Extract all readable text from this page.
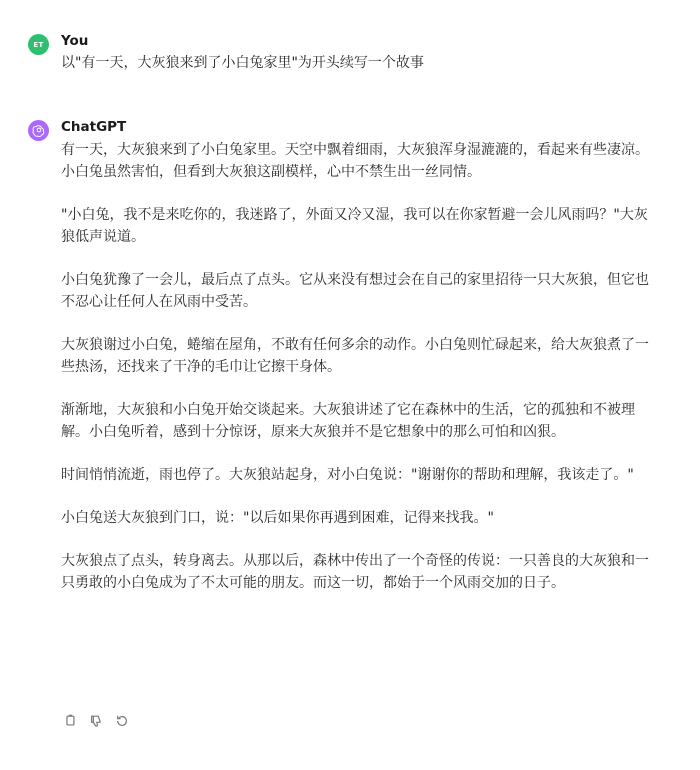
ET You
以"有一天，大灰狼来到了小白兔家里"为开头续写一个故事
ChatGPT

有一天，大灰狼来到了小白兔家里。天空中飘着细雨，大灰狼浑身湿漉漉的，看起来有些凄凉。小白兔虽然害怕，但看到大灰狼这副模样，心中不禁生出一丝同情。

"小白兔，我不是来吃你的，我迷路了，外面又冷又湿，我可以在你家暂避一会儿风雨吗？"大灰狼低声说道。

小白兔犹豫了一会儿，最后点了点头。它从来没有想过会在自己的家里招待一只大灰狼，但它也不忍心让任何人在风雨中受苦。

大灰狼谢过小白兔，蜷缩在屋角，不敢有任何多余的动作。小白兔则忙碌起来，给大灰狼煮了一些热汤，还找来了干净的毛巾让它擦干身体。

渐渐地，大灰狼和小白兔开始交谈起来。大灰狼讲述了它在森林中的生活，它的孤独和不被理解。小白兔听着，感到十分惊讶，原来大灰狼并不是它想象中的那么可怕和凶狠。

时间悄悄流逝，雨也停了。大灰狼站起身，对小白兔说："谢谢你的帮助和理解，我该走了。"

小白兔送大灰狼到门口，说："以后如果你再遇到困难，记得来找我。"

大灰狼点了点头，转身离去。从那以后，森林中传出了一个奇怪的传说：一只善良的大灰狼和一只勇敢的小白兔成为了不太可能的朋友。而这一切，都始于一个风雨交加的日子。
